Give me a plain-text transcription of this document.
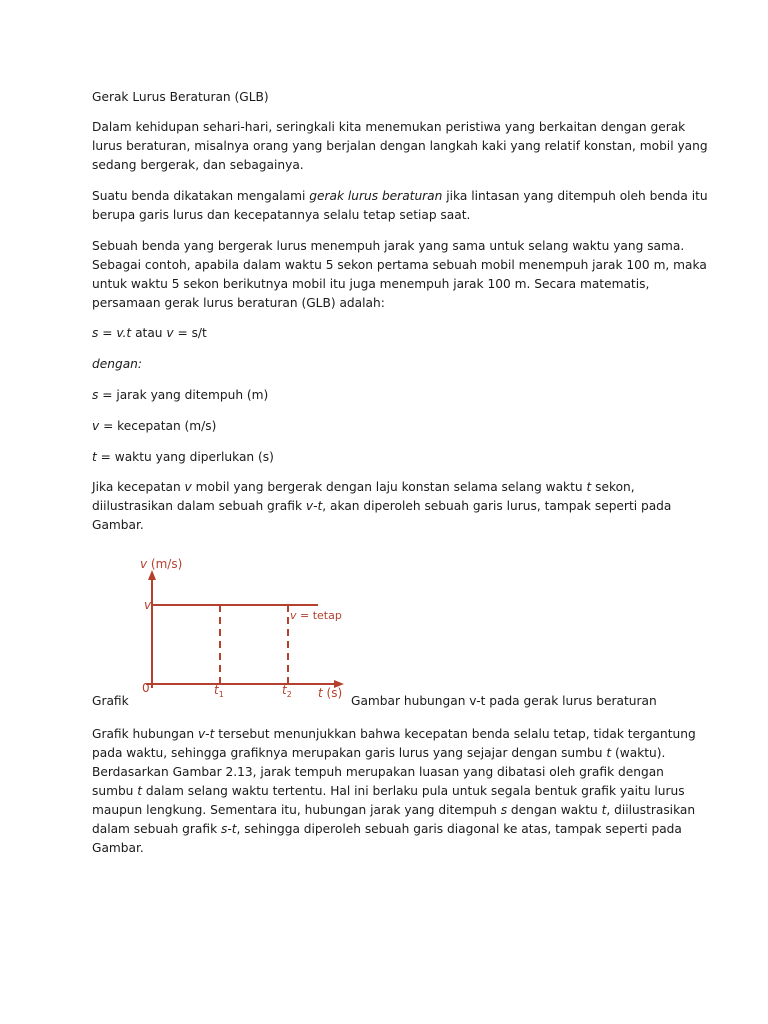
Gerak Lurus Beraturan (GLB)
Dalam kehidupan sehari-hari, seringkali kita menemukan peristiwa yang berkaitan dengan gerak
lurus beraturan, misalnya orang yang berjalan dengan langkah kaki yang relatif konstan, mobil yang
sedang bergerak, dan sebagainya.
Suatu benda dikatakan mengalami gerak lurus beraturan jika lintasan yang ditempuh oleh benda itu
berupa garis lurus dan kecepatannya selalu tetap setiap saat.
Sebuah benda yang bergerak lurus menempuh jarak yang sama untuk selang waktu yang sama.
Sebagai contoh, apabila dalam waktu 5 sekon pertama sebuah mobil menempuh jarak 100 m, maka
untuk waktu 5 sekon berikutnya mobil itu juga menempuh jarak 100 m. Secara matematis,
persamaan gerak lurus beraturan (GLB) adalah:
s = v.t atau v = s/t
dengan:
s = jarak yang ditempuh (m)
v = kecepatan (m/s)
t = waktu yang diperlukan (s)
Jika kecepatan v mobil yang bergerak dengan laju konstan selama selang waktu t sekon,
diilustrasikan dalam sebuah grafik v-t, akan diperoleh sebuah garis lurus, tampak seperti pada
Gambar.
v (m/s)
v
0	$t_1$	$t_2$ t (s)
v = tetap
Grafik	Gambar hubungan v-t pada gerak lurus beraturan
Grafik hubungan v-t tersebut menunjukkan bahwa kecepatan benda selalu tetap, tidak tergantung
pada waktu, sehingga grafiknya merupakan garis lurus yang sejajar dengan sumbu t (waktu).
Berdasarkan Gambar 2.13, jarak tempuh merupakan luasan yang dibatasi oleh grafik dengan
sumbu t dalam selang waktu tertentu. Hal ini berlaku pula untuk segala bentuk grafik yaitu lurus
maupun lengkung. Sementara itu, hubungan jarak yang ditempuh s dengan waktu t, diilustrasikan
dalam sebuah grafik s-t, sehingga diperoleh sebuah garis diagonal ke atas, tampak seperti pada
Gambar.
